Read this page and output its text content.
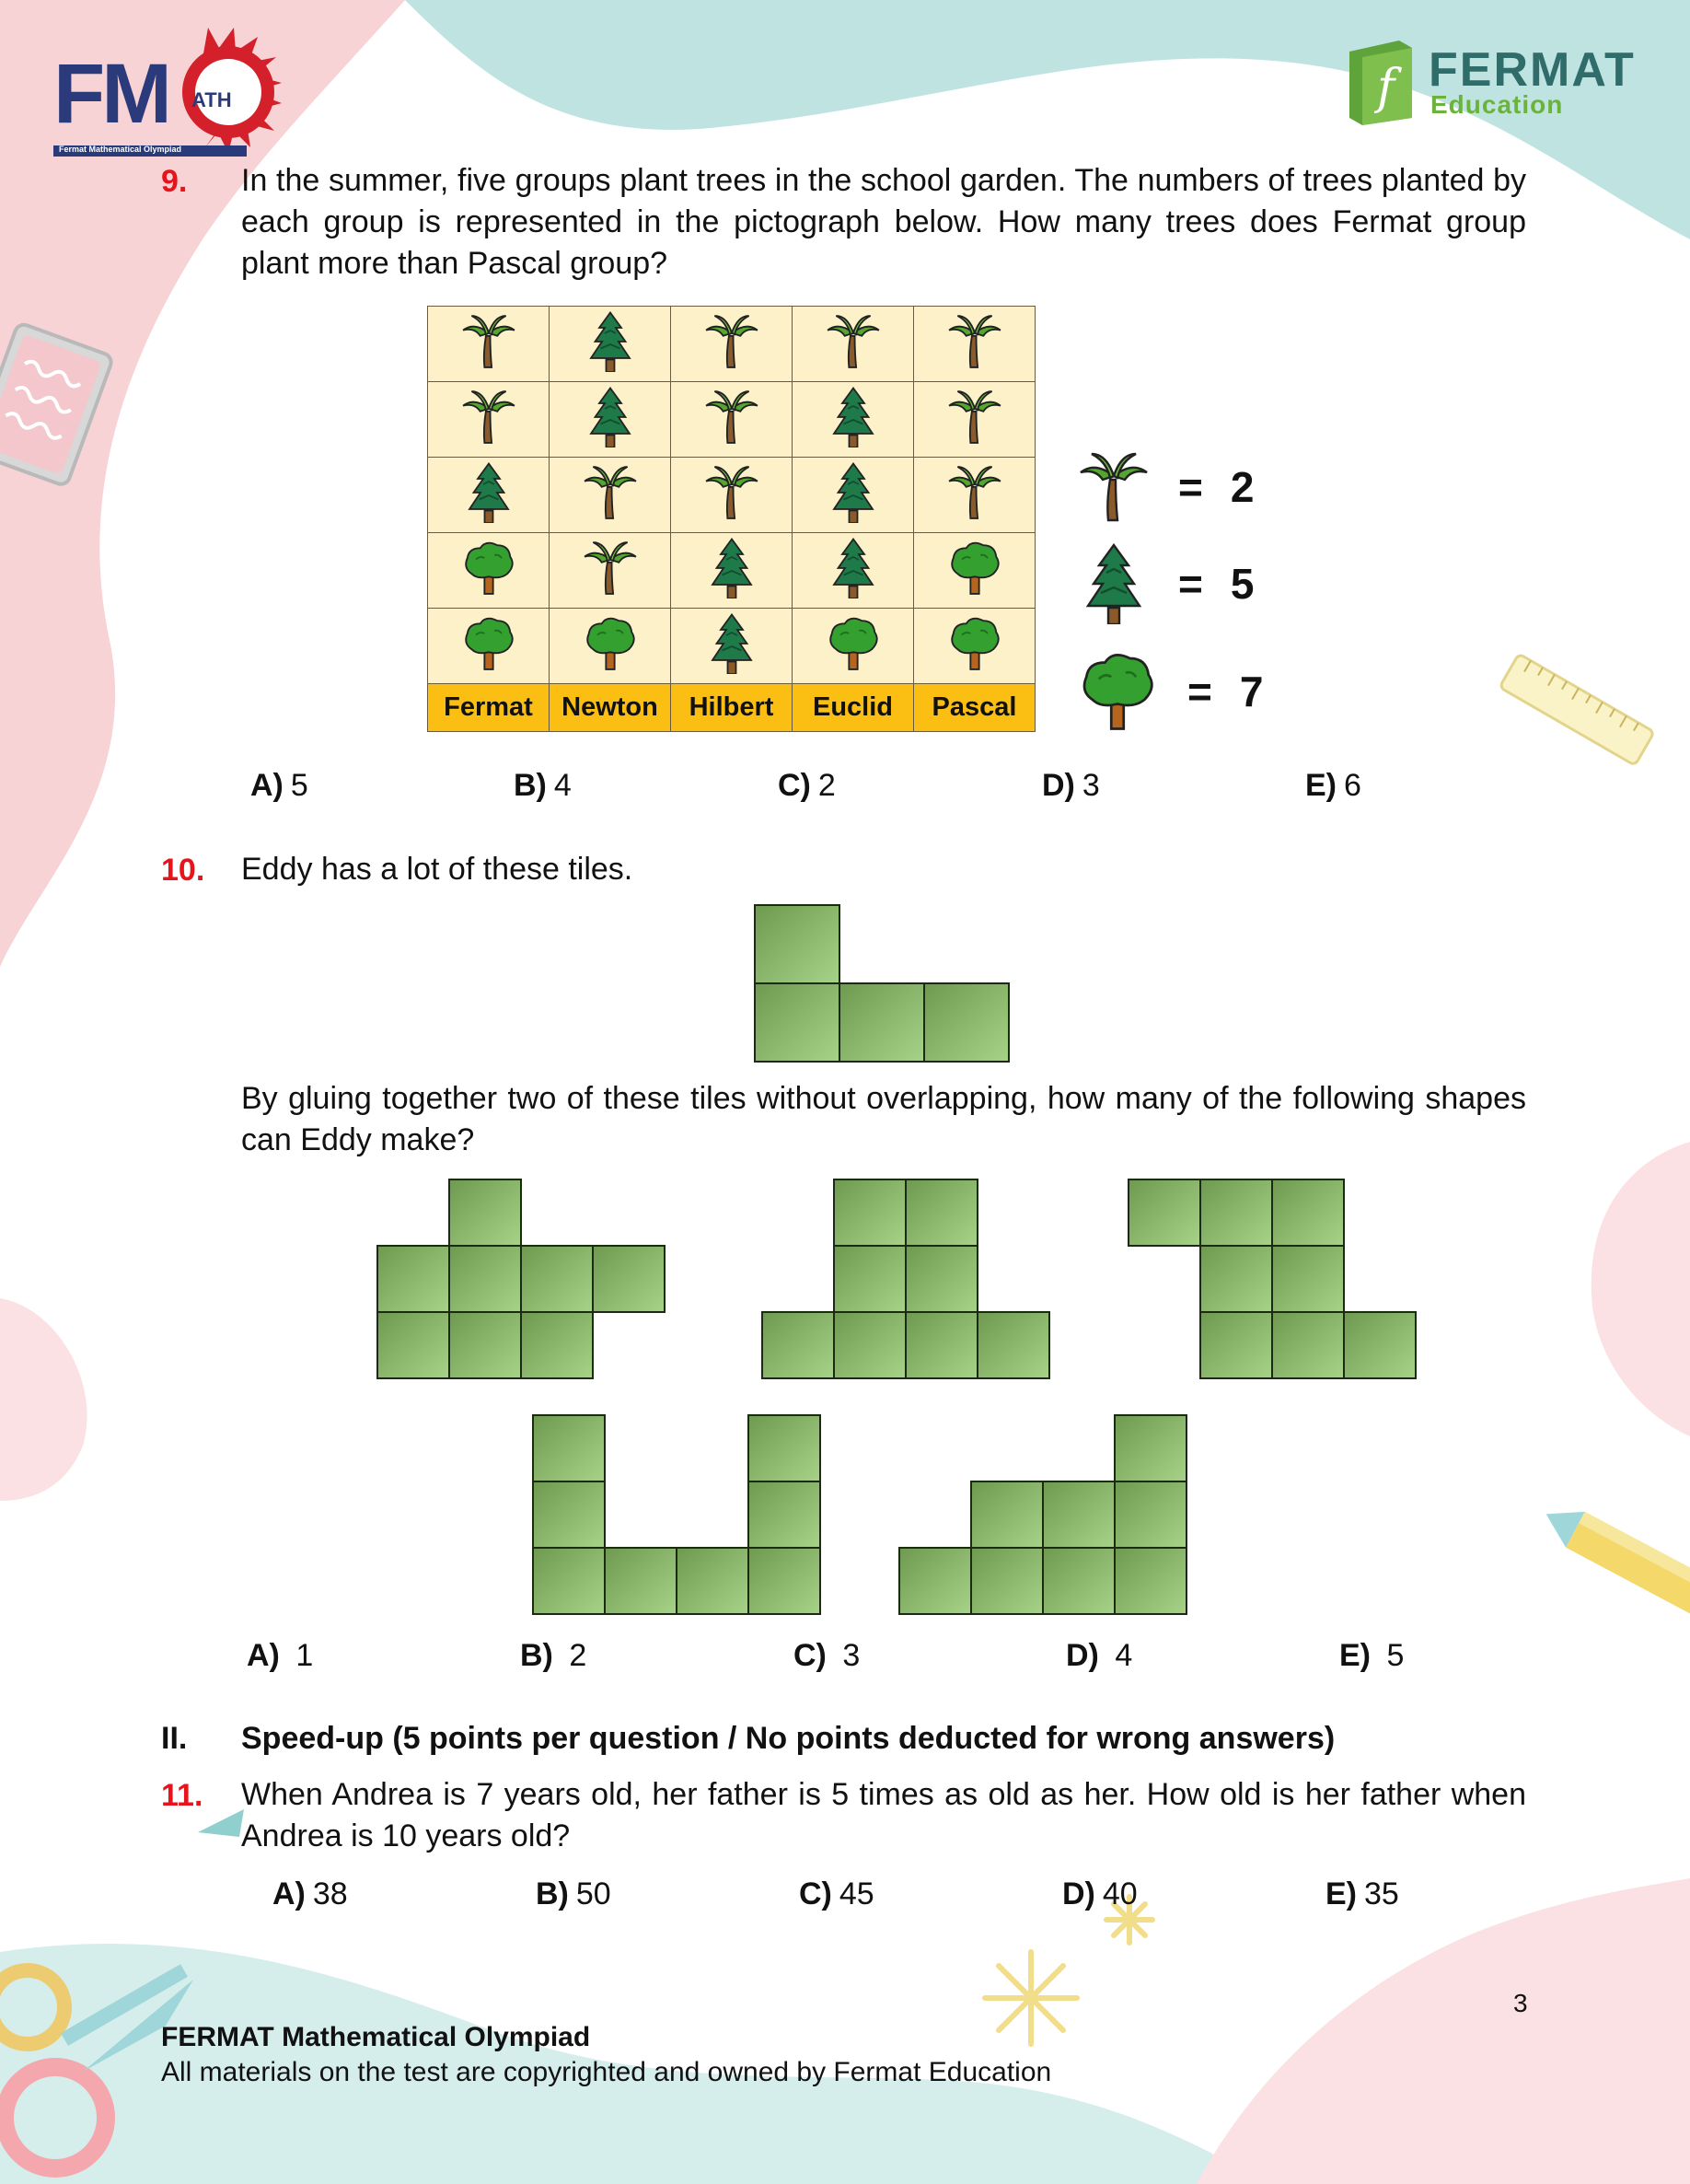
FM ATH
Fermat Mathematical Olympiad
f FERMAT
Education
9. In the summer, five groups plant trees in the school garden. The numbers of trees planted by each group is represented in the pictograph below. How many trees does Fermat group plant more than Pascal group?

Fermat	Newton	Hilbert	Euclid	Pascal
= 2
= 5
= 7
A) 5	B) 4	C) 2	D) 3	E) 6
10. Eddy has a lot of these tiles.
By gluing together two of these tiles without overlapping, how many of the following shapes can Eddy make?
A) 1	B) 2	C) 3	D) 4	E) 5
II. Speed-up (5 points per question / No points deducted for wrong answers)
11. When Andrea is 7 years old, her father is 5 times as old as her. How old is her father when Andrea is 10 years old?
A) 38	B) 50	C) 45	D) 40	E) 35
3
FERMAT Mathematical Olympiad
All materials on the test are copyrighted and owned by Fermat Education
